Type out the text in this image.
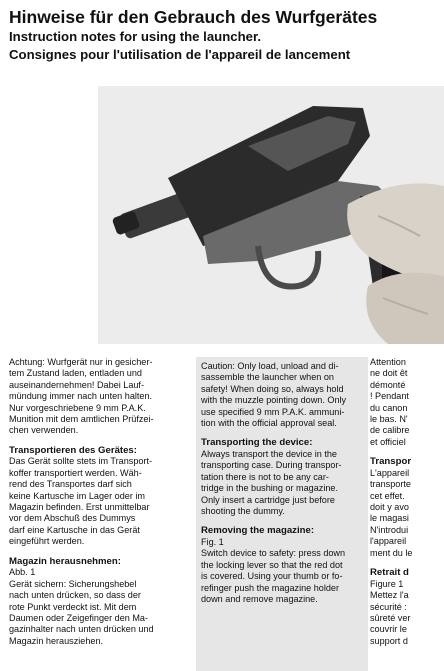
Hinweise für den Gebrauch des Wurfgerätes
Instruction notes for using the launcher.
Consignes pour l'utilisation de l'appareil de lancement

Achtung: Wurfgerät nur in gesicher-

tem Zustand laden, entladen und

auseinandernehmen! Dabei Lauf-

mündung immer nach unten halten.

Nur vorgeschriebene 9 mm P.A.K.

Munition mit dem amtlichen Prüfzei-

chen verwenden.

Transportieren des Gerätes:

Das Gerät sollte stets im Transport-

koffer transportiert werden. Wäh-

rend des Transportes darf sich

keine Kartusche im Lager oder im

Magazin befinden. Erst unmittelbar

vor dem Abschuß des Dummys

darf eine Kartusche in das Gerät

eingeführt werden.

Magazin herausnehmen:

Abb. 1

Gerät sichern: Sicherungshebel

nach unten drücken, so dass der

rote Punkt verdeckt ist. Mit dem

Daumen oder Zeigefinger den Ma-

gazinhalter nach unten drücken und

Magazin herausziehen.

Caution: Only load, unload and di-

sassemble the launcher when on

safety! When doing so, always hold

with the muzzle pointing down. Only

use specified 9 mm P.A.K. ammuni-

tion with the official approval seal.

Transporting the device:

Always transport the device in the

transporting case. During transpor-

tation there is not to be any car-

tridge in the bushing or magazine.

Only insert a cartridge just before

shooting the dummy.

Removing the magazine:

Fig. 1

Switch device to safety: press down

the locking lever so that the red dot

is covered. Using your thumb or fo-

refinger push the magazine holder

down and remove magazine.

Attention

ne doit êt

démonté

! Pendant

du canon

le bas. N'

de calibre

et officiel

Transpor

L'appareil

transporte

cet effet.

doit y avo

le magasi

N'introdui

l'appareil

ment du le

Retrait d

Figure 1

Mettez l'a

sécurité :

sûreté ver

couvrir le

support d
